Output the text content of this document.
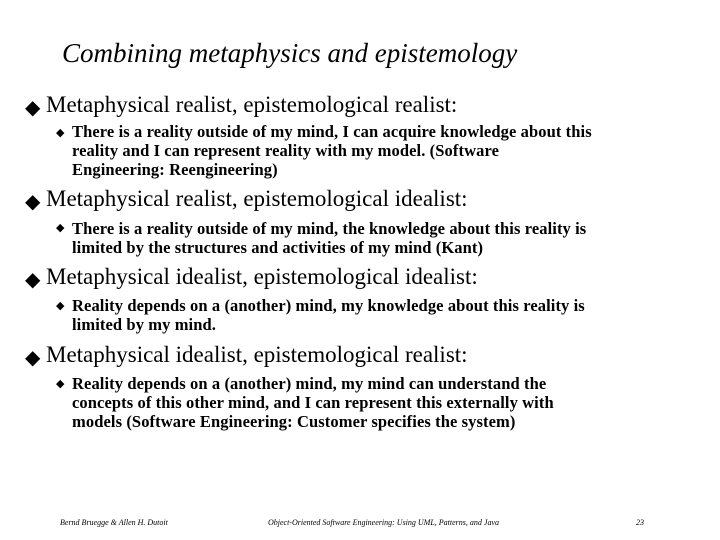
Combining metaphysics and epistemology
◆ Metaphysical realist, epistemological realist:
◆ There is a reality outside of my mind, I can acquire knowledge about this
reality and I can represent reality with my model. (Software
Engineering: Reengineering)
◆ Metaphysical realist, epistemological idealist:
◆ There is a reality outside of my mind, the knowledge about this reality is
limited by the structures and activities of my mind (Kant)
◆ Metaphysical idealist, epistemological idealist:
◆ Reality depends on a (another) mind, my knowledge about this reality is
limited by my mind.
◆ Metaphysical idealist, epistemological realist:
◆ Reality depends on a (another) mind, my mind can understand the
concepts of this other mind, and I can represent this externally with
models (Software Engineering: Customer specifies the system)
Bernd Bruegge & Allen H. Dutoit	Object-Oriented Software Engineering: Using UML, Patterns, and Java	23
